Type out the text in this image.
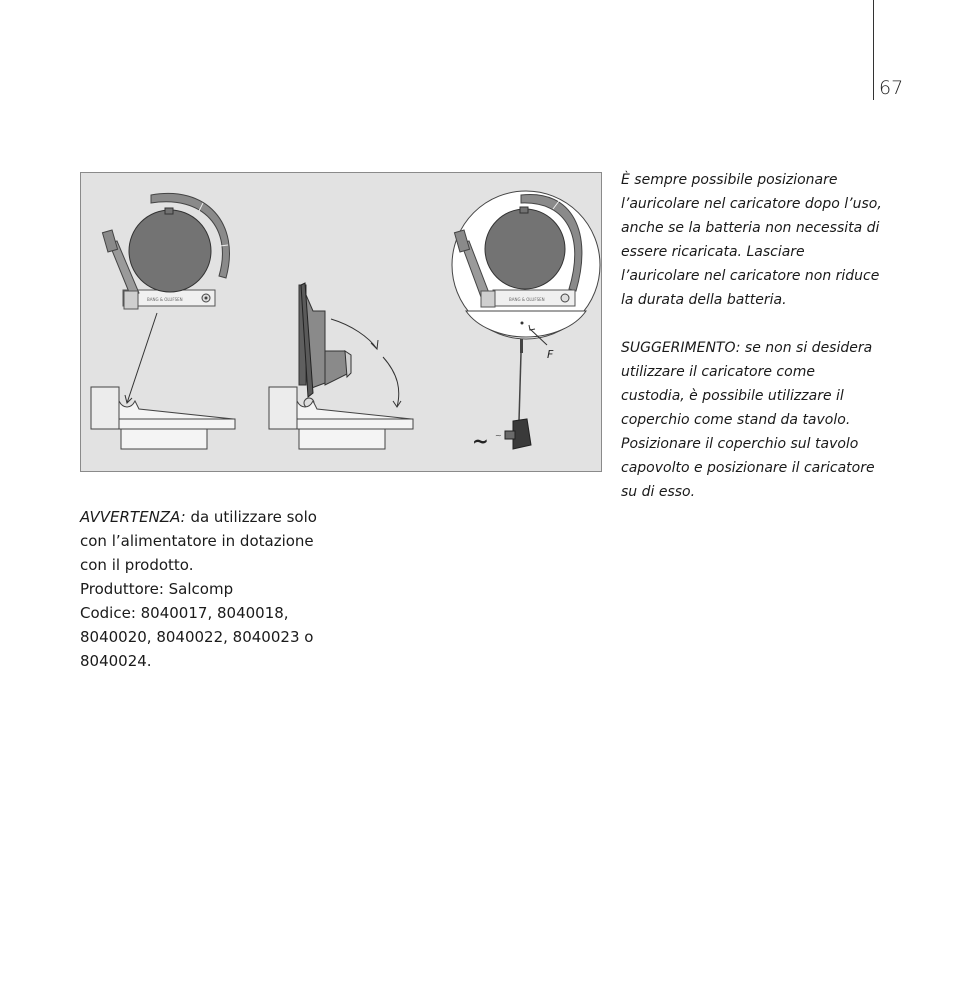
67
BANG & OLUFSEN	BANG & OLUFSEN
F
~ ~

AVVERTENZA: da utilizzare solo

con l’alimentatore in dotazione

con il prodotto.

Produttore: Salcomp

Codice: 8040017, 8040018,

8040020, 8040022, 8040023 o

8040024.

È sempre possibile posizionare l’auricolare nel caricatore dopo l’uso, anche se la batteria non necessita di essere ricaricata. Lasciare l’auricolare nel caricatore non riduce la durata della batteria.

SUGGERIMENTO: se non si desidera utilizzare il caricatore come custodia, è possibile utilizzare il coperchio come stand da tavolo. Posizionare il coperchio sul tavolo capovolto e posizionare il caricatore su di esso.
